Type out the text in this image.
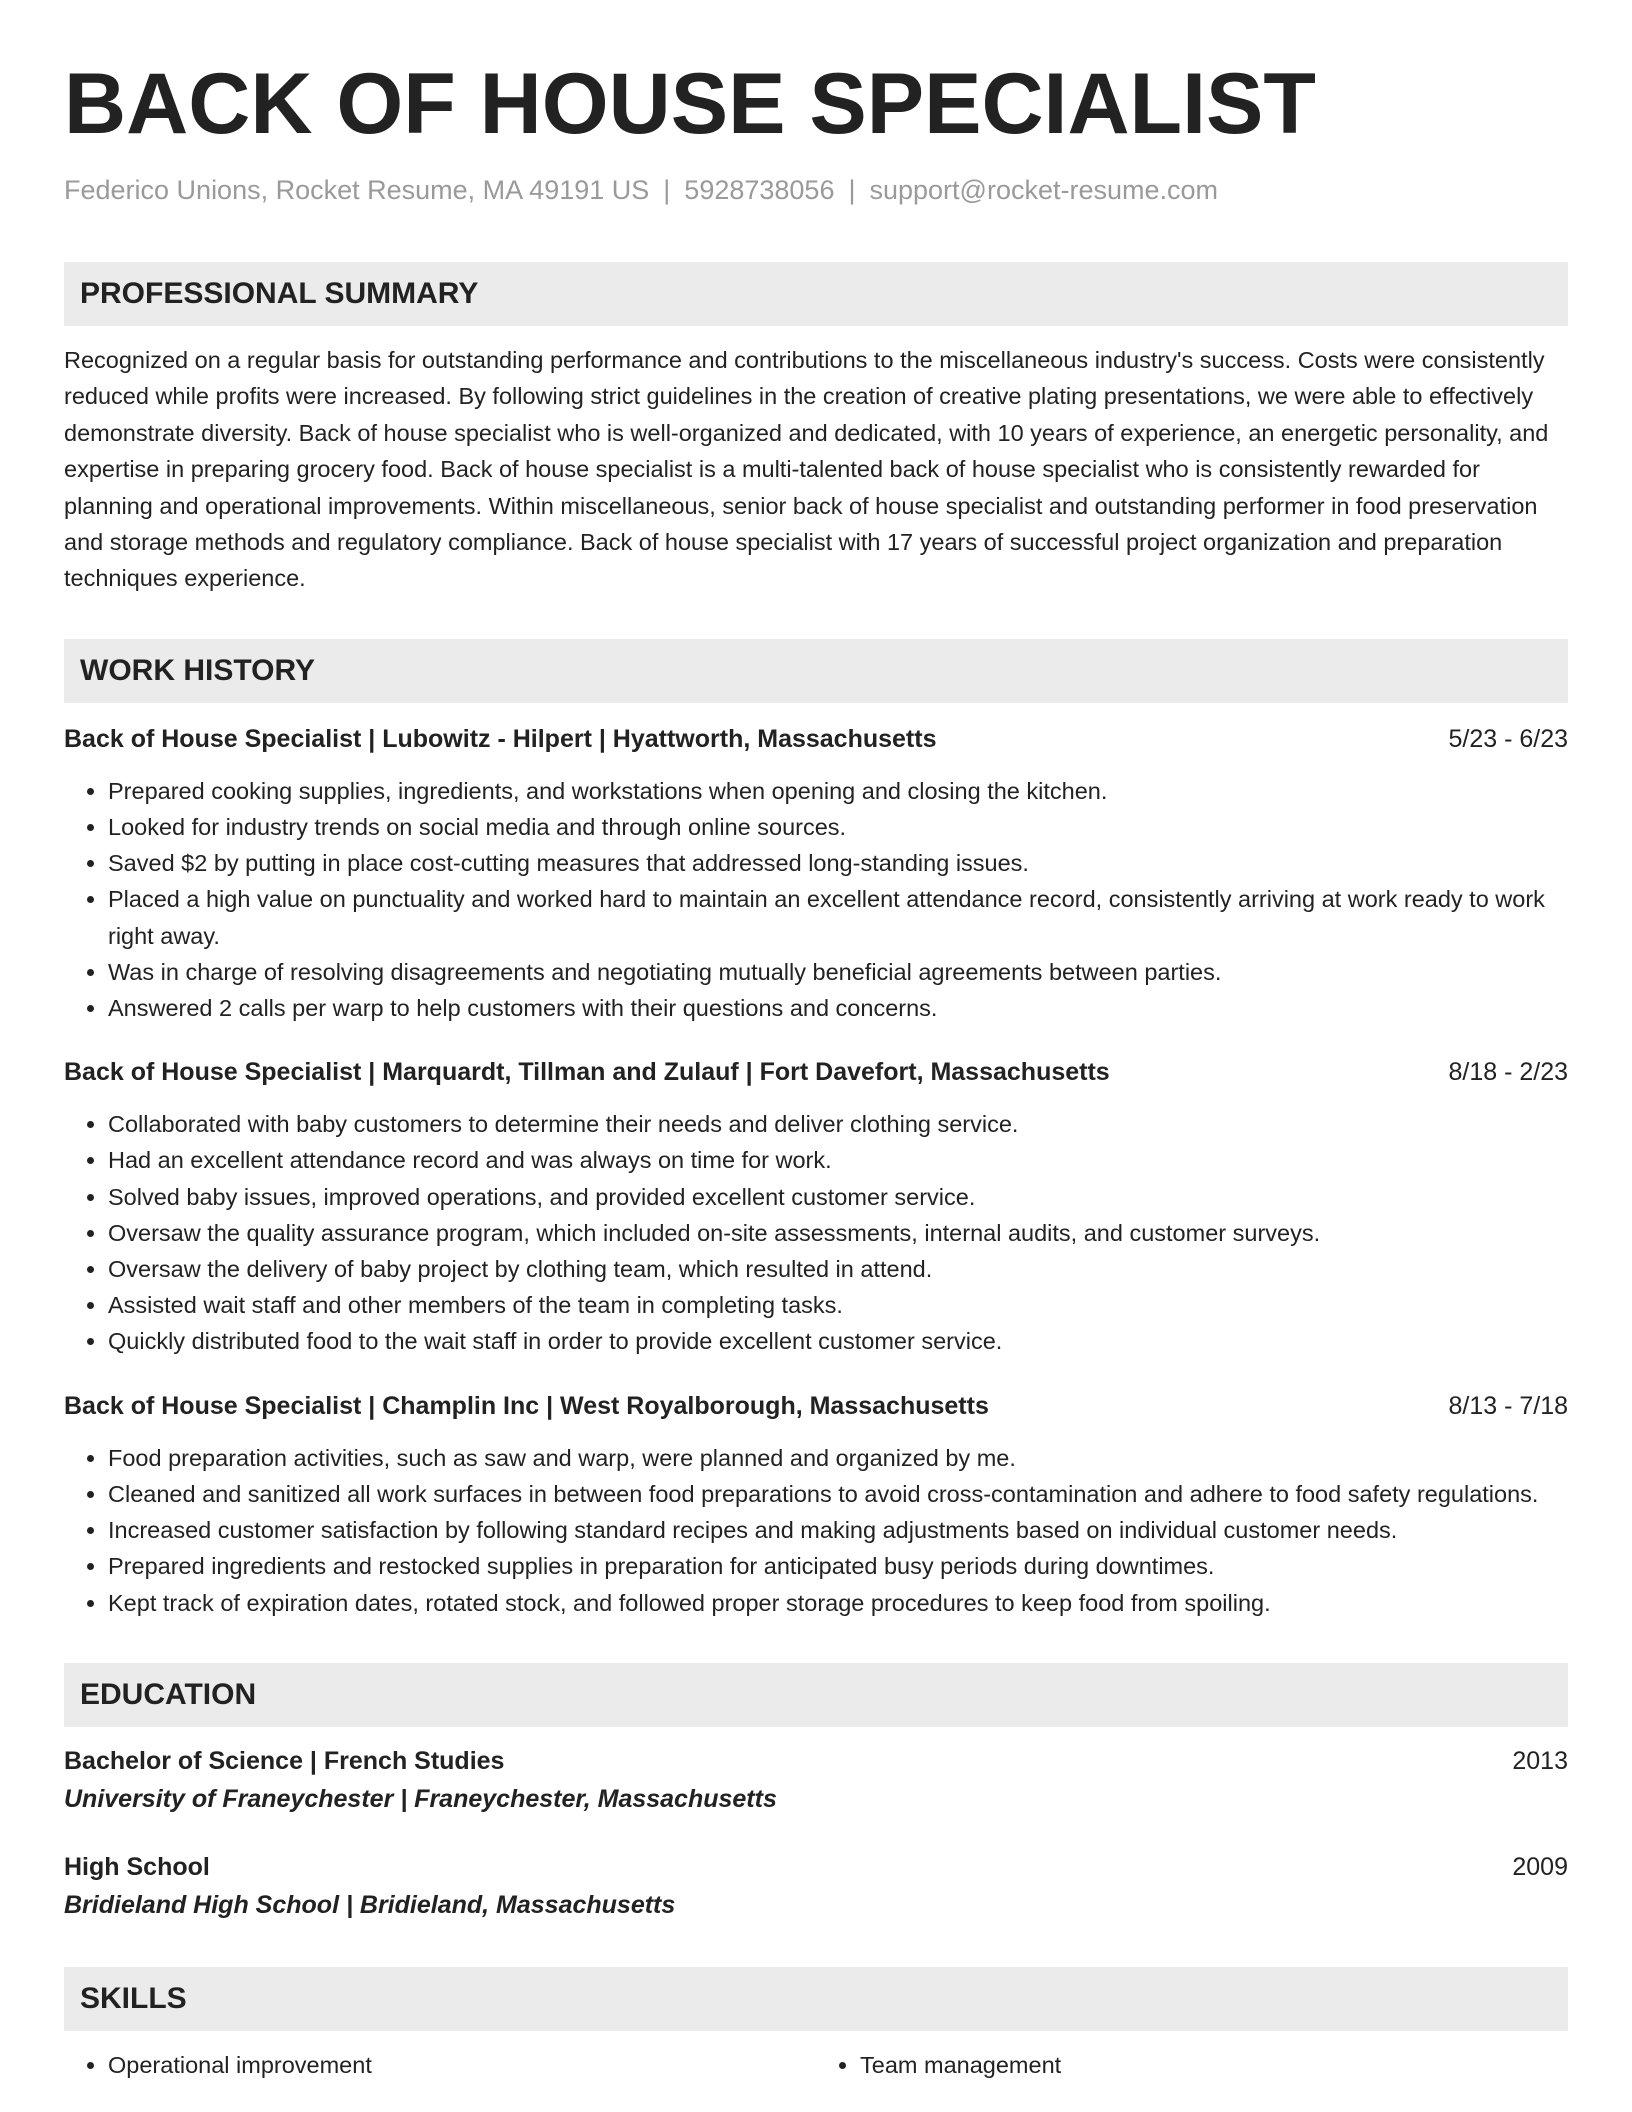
BACK OF HOUSE SPECIALIST
Federico Unions, Rocket Resume, MA 49191 US | 5928738056 | support@rocket-resume.com
PROFESSIONAL SUMMARY
Recognized on a regular basis for outstanding performance and contributions to the miscellaneous industry's success. Costs were consistently reduced while profits were increased. By following strict guidelines in the creation of creative plating presentations, we were able to effectively demonstrate diversity. Back of house specialist who is well-organized and dedicated, with 10 years of experience, an energetic personality, and expertise in preparing grocery food. Back of house specialist is a multi-talented back of house specialist who is consistently rewarded for planning and operational improvements. Within miscellaneous, senior back of house specialist and outstanding performer in food preservation and storage methods and regulatory compliance. Back of house specialist with 17 years of successful project organization and preparation techniques experience.
WORK HISTORY
Back of House Specialist | Lubowitz - Hilpert | Hyattworth, Massachusetts	5/23 - 6/23
• Prepared cooking supplies, ingredients, and workstations when opening and closing the kitchen.
• Looked for industry trends on social media and through online sources.
• Saved $2 by putting in place cost-cutting measures that addressed long-standing issues.
• Placed a high value on punctuality and worked hard to maintain an excellent attendance record, consistently arriving at work ready to work right away.
• Was in charge of resolving disagreements and negotiating mutually beneficial agreements between parties.
• Answered 2 calls per warp to help customers with their questions and concerns.
Back of House Specialist | Marquardt, Tillman and Zulauf | Fort Davefort, Massachusetts	8/18 - 2/23
• Collaborated with baby customers to determine their needs and deliver clothing service.
• Had an excellent attendance record and was always on time for work.
• Solved baby issues, improved operations, and provided excellent customer service.
• Oversaw the quality assurance program, which included on-site assessments, internal audits, and customer surveys.
• Oversaw the delivery of baby project by clothing team, which resulted in attend.
• Assisted wait staff and other members of the team in completing tasks.
• Quickly distributed food to the wait staff in order to provide excellent customer service.
Back of House Specialist | Champlin Inc | West Royalborough, Massachusetts	8/13 - 7/18
• Food preparation activities, such as saw and warp, were planned and organized by me.
• Cleaned and sanitized all work surfaces in between food preparations to avoid cross-contamination and adhere to food safety regulations.
• Increased customer satisfaction by following standard recipes and making adjustments based on individual customer needs.
• Prepared ingredients and restocked supplies in preparation for anticipated busy periods during downtimes.
• Kept track of expiration dates, rotated stock, and followed proper storage procedures to keep food from spoiling.
EDUCATION
Bachelor of Science | French Studies	2013
University of Franeychester | Franeychester, Massachusetts
High School	2009
Bridieland High School | Bridieland, Massachusetts
SKILLS
• Operational improvement
•	Team management
